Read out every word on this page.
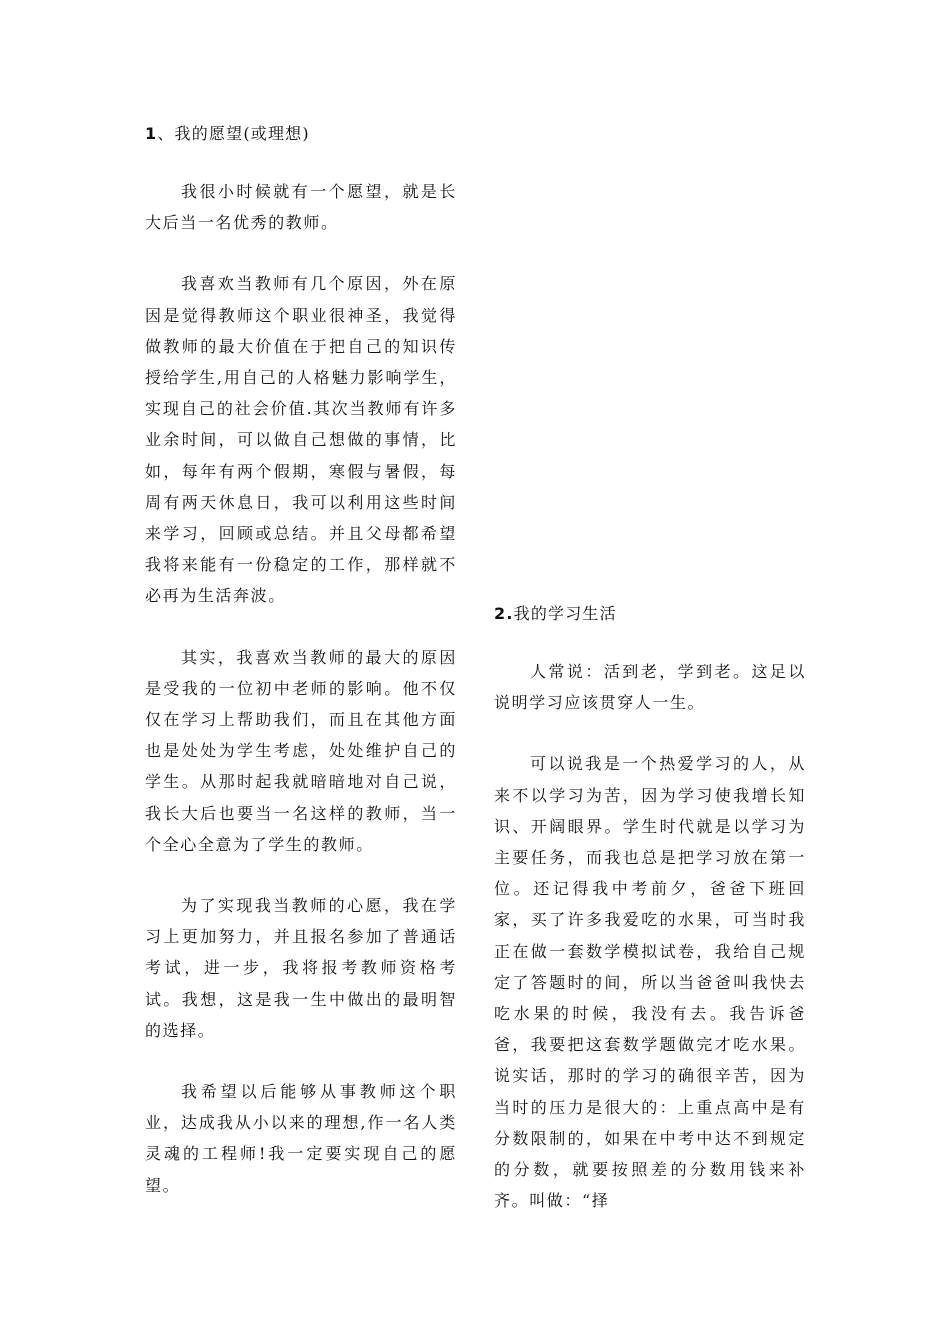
1、我的愿望(或理想)

我很小时候就有一个愿望，就是长大后当一名优秀的教师。

我喜欢当教师有几个原因，外在原因是觉得教师这个职业很神圣，我觉得做教师的最大价值在于把自己的知识传授给学生,用自己的人格魅力影响学生，实现自己的社会价值.其次当教师有许多业余时间，可以做自己想做的事情，比如，每年有两个假期，寒假与暑假，每周有两天休息日，我可以利用这些时间来学习，回顾或总结。并且父母都希望我将来能有一份稳定的工作，那样就不必再为生活奔波。

其实，我喜欢当教师的最大的原因是受我的一位初中老师的影响。他不仅仅在学习上帮助我们，而且在其他方面也是处处为学生考虑，处处维护自己的学生。从那时起我就暗暗地对自己说，我长大后也要当一名这样的教师，当一个全心全意为了学生的教师。

为了实现我当教师的心愿，我在学习上更加努力，并且报名参加了普通话考试，进一步，我将报考教师资格考试。我想，这是我一生中做出的最明智的选择。

我希望以后能够从事教师这个职业，达成我从小以来的理想,作一名人类灵魂的工程师!我一定要实现自己的愿望。

2.我的学习生活

人常说：活到老，学到老。这足以说明学习应该贯穿人一生。

可以说我是一个热爱学习的人，从来不以学习为苦，因为学习使我增长知识、开阔眼界。学生时代就是以学习为主要任务，而我也总是把学习放在第一位。还记得我中考前夕，爸爸下班回家，买了许多我爱吃的水果，可当时我正在做一套数学模拟试卷，我给自己规定了答题时的间，所以当爸爸叫我快去吃水果的时候，我没有去。我告诉爸爸，我要把这套数学题做完才吃水果。说实话，那时的学习的确很辛苦，因为当时的压力是很大的：上重点高中是有分数限制的，如果在中考中达不到规定的分数，就要按照差的分数用钱来补齐。叫做：“择
